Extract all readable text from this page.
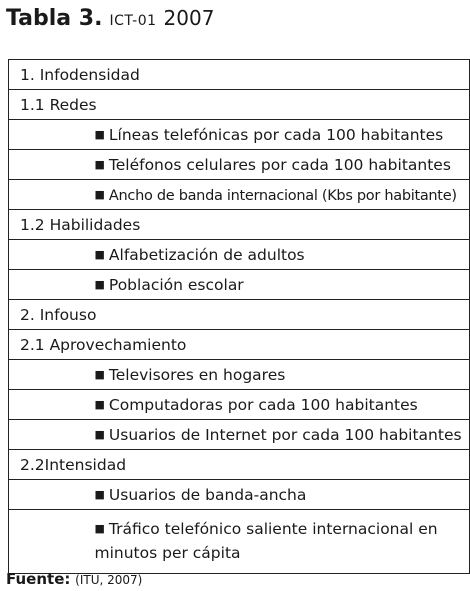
Tabla 3. ICT-01 2007
1. Infodensidad	
1.1 Redes	
	■ Líneas telefónicas por cada 100 habitantes
	■ Teléfonos celulares por cada 100 habitantes
	■ Ancho de banda internacional (Kbs por habitante)
1.2 Habilidades	
	■ Alfabetización de adultos
	■ Población escolar
2. Infouso	
2.1 Aprovechamiento	
	■ Televisores en hogares
	■ Computadoras por cada 100 habitantes
	■ Usuarios de Internet por cada 100 habitantes
2.2Intensidad	
	■ Usuarios de banda-ancha
	■ Tráfico telefónico saliente internacional en minutos per cápita
Fuente: (ITU, 2007)
